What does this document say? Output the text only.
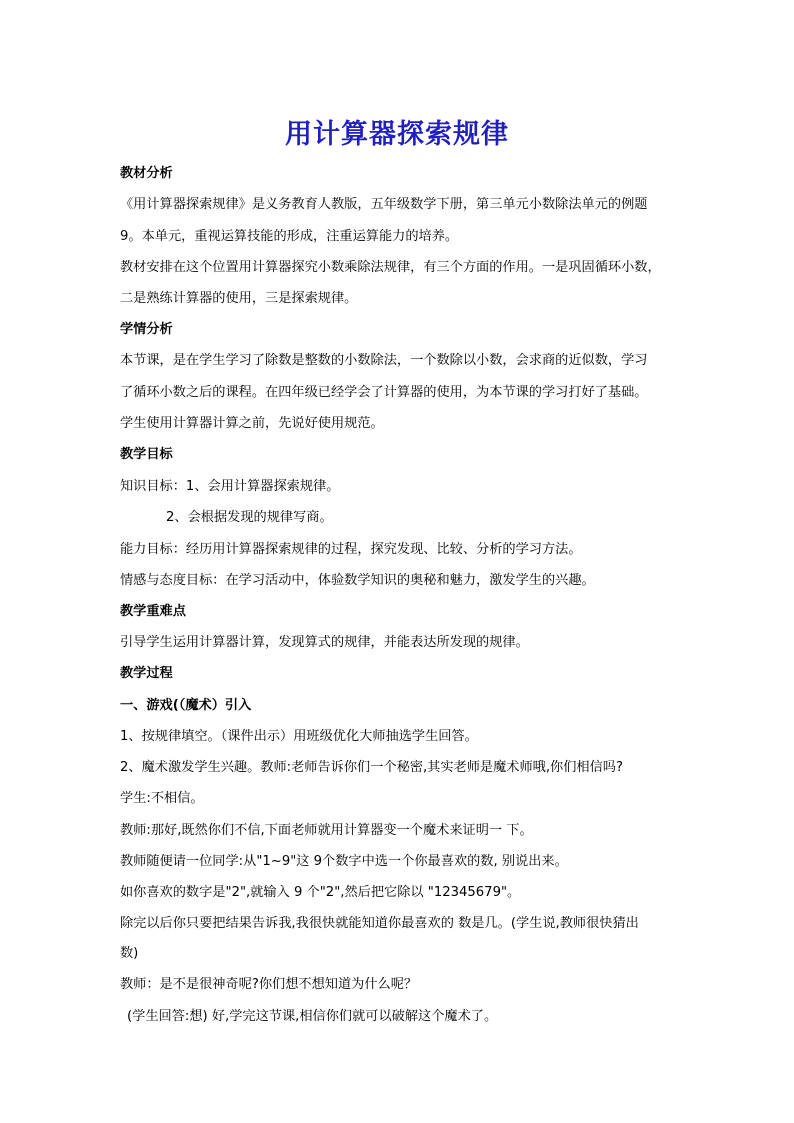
用计算器探索规律
教材分析
《用计算器探索规律》是义务教育人教版，五年级数学下册，第三单元小数除法单元的例题
9。本单元，重视运算技能的形成，注重运算能力的培养。
教材安排在这个位置用计算器探究小数乘除法规律，有三个方面的作用。一是巩固循环小数，
二是熟练计算器的使用，三是探索规律。
学情分析
本节课，是在学生学习了除数是整数的小数除法，一个数除以小数，会求商的近似数，学习
了循环小数之后的课程。在四年级已经学会了计算器的使用，为本节课的学习打好了基础。
学生使用计算器计算之前，先说好使用规范。
教学目标
知识目标：1、会用计算器探索规律。
2、会根据发现的规律写商。
能力目标：经历用计算器探索规律的过程，探究发现、比较、分析的学习方法。
情感与态度目标：在学习活动中，体验数学知识的奥秘和魅力，激发学生的兴趣。
教学重难点
引导学生运用计算器计算，发现算式的规律，并能表达所发现的规律。
教学过程
一、游戏(（魔术）引入
1、按规律填空。（课件出示）用班级优化大师抽选学生回答。
2、魔术激发学生兴趣。教师:老师告诉你们一个秘密,其实老师是魔术师哦,你们相信吗?
学生:不相信。
教师:那好,既然你们不信,下面老师就用计算器变一个魔术来证明一 下。
教师随便请一位同学:从"1~9"这 9个数字中选一个你最喜欢的数, 别说出来。
如你喜欢的数字是"2",就输入 9 个"2",然后把它除以 "12345679"。
除完以后你只要把结果告诉我,我很快就能知道你最喜欢的 数是几。(学生说,教师很快猜出
数)
教师：是不是很神奇呢?你们想不想知道为什么呢？
(学生回答:想) 好,学完这节课,相信你们就可以破解这个魔术了。
